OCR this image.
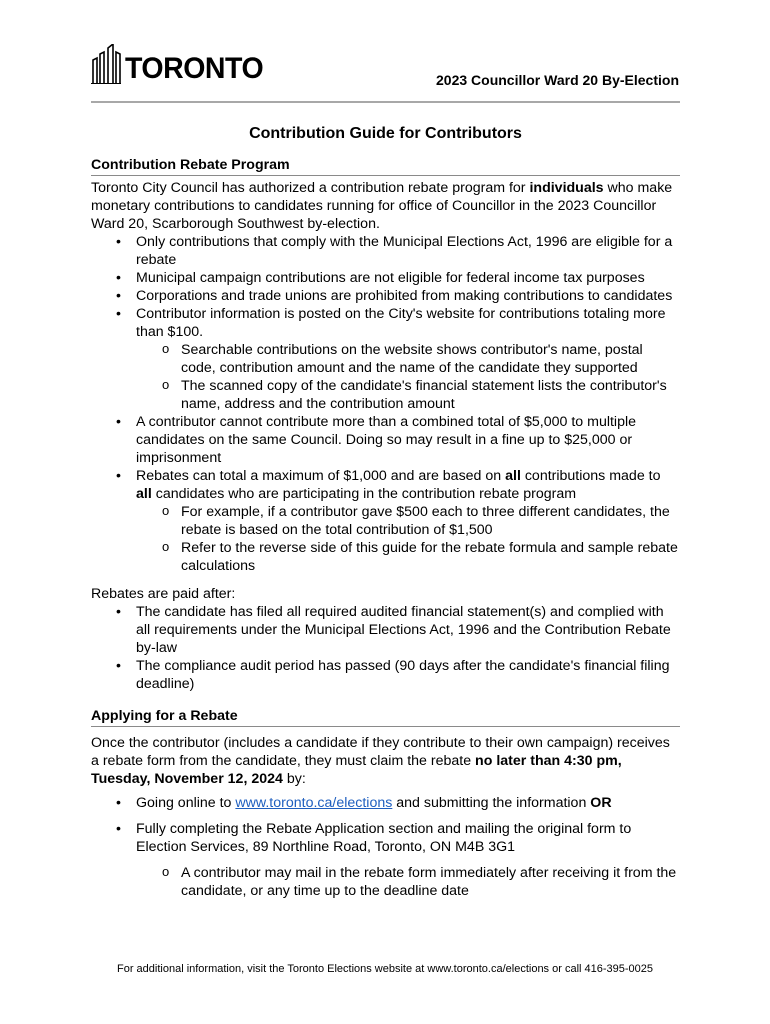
TORONTO	2023 Councillor Ward 20 By-Election
Contribution Guide for Contributors

Contribution Rebate Program

Toronto City Council has authorized a contribution rebate program for individuals who make monetary contributions to candidates running for office of Councillor in the 2023 Councillor Ward 20, Scarborough Southwest by-election.

• Only contributions that comply with the Municipal Elections Act, 1996 are eligible for a rebate
• Municipal campaign contributions are not eligible for federal income tax purposes
• Corporations and trade unions are prohibited from making contributions to candidates
• Contributor information is posted on the City's website for contributions totaling more than $100.
o Searchable contributions on the website shows contributor's name, postal code, contribution amount and the name of the candidate they supported
o The scanned copy of the candidate's financial statement lists the contributor's name, address and the contribution amount
• A contributor cannot contribute more than a combined total of $5,000 to multiple candidates on the same Council. Doing so may result in a fine up to $25,000 or imprisonment
• Rebates can total a maximum of $1,000 and are based on all contributions made to all candidates who are participating in the contribution rebate program
o For example, if a contributor gave $500 each to three different candidates, the rebate is based on the total contribution of $1,500
o Refer to the reverse side of this guide for the rebate formula and sample rebate calculations

Rebates are paid after:

• The candidate has filed all required audited financial statement(s) and complied with all requirements under the Municipal Elections Act, 1996 and the Contribution Rebate by-law
• The compliance audit period has passed (90 days after the candidate's financial filing deadline)

Applying for a Rebate

Once the contributor (includes a candidate if they contribute to their own campaign) receives a rebate form from the candidate, they must claim the rebate no later than 4:30 pm, Tuesday, November 12, 2024 by:

• Going online to www.toronto.ca/elections and submitting the information OR
• Fully completing the Rebate Application section and mailing the original form to Election Services, 89 Northline Road, Toronto, ON M4B 3G1
o A contributor may mail in the rebate form immediately after receiving it from the candidate, or any time up to the deadline date
For additional information, visit the Toronto Elections website at www.toronto.ca/elections or call 416-395-0025
